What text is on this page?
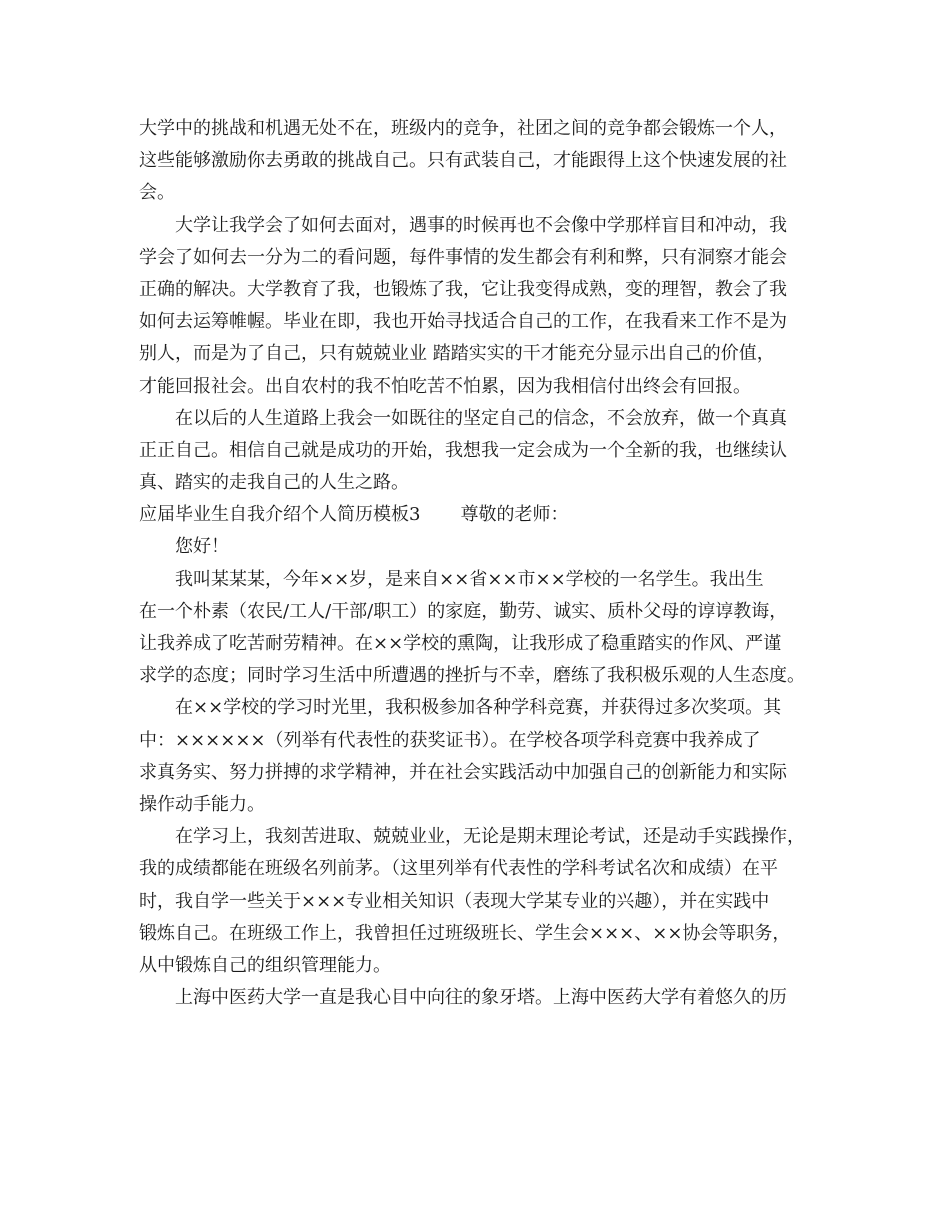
大学中的挑战和机遇无处不在，班级内的竞争，社团之间的竞争都会锻炼一个人，
这些能够激励你去勇敢的挑战自己。只有武装自己，才能跟得上这个快速发展的社
会。
大学让我学会了如何去面对，遇事的时候再也不会像中学那样盲目和冲动，我
学会了如何去一分为二的看问题，每件事情的发生都会有利和弊，只有洞察才能会
正确的解决。大学教育了我，也锻炼了我，它让我变得成熟，变的理智，教会了我
如何去运筹帷幄。毕业在即，我也开始寻找适合自己的工作，在我看来工作不是为
别人，而是为了自己，只有兢兢业业 踏踏实实的干才能充分显示出自己的价值，
才能回报社会。出自农村的我不怕吃苦不怕累，因为我相信付出终会有回报。
在以后的人生道路上我会一如既往的坚定自己的信念，不会放弃，做一个真真
正正自己。相信自己就是成功的开始，我想我一定会成为一个全新的我，也继续认
真、踏实的走我自己的人生之路。
应届毕业生自我介绍个人简历模板3 尊敬的老师：
您好！
我叫某某某，今年××岁，是来自××省××市××学校的一名学生。我出生
在一个朴素（农民/工人/干部/职工）的家庭，勤劳、诚实、质朴父母的谆谆教诲，
让我养成了吃苦耐劳精神。在××学校的熏陶，让我形成了稳重踏实的作风、严谨
求学的态度；同时学习生活中所遭遇的挫折与不幸，磨练了我积极乐观的人生态度。
在××学校的学习时光里，我积极参加各种学科竞赛，并获得过多次奖项。其
中：××××××（列举有代表性的获奖证书）。在学校各项学科竞赛中我养成了
求真务实、努力拼搏的求学精神，并在社会实践活动中加强自己的创新能力和实际
操作动手能力。
在学习上，我刻苦进取、兢兢业业，无论是期末理论考试，还是动手实践操作，
我的成绩都能在班级名列前茅。（这里列举有代表性的学科考试名次和成绩）在平
时，我自学一些关于×××专业相关知识（表现大学某专业的兴趣），并在实践中
锻炼自己。在班级工作上，我曾担任过班级班长、学生会×××、××协会等职务，
从中锻炼自己的组织管理能力。
上海中医药大学一直是我心目中向往的象牙塔。上海中医药大学有着悠久的历
